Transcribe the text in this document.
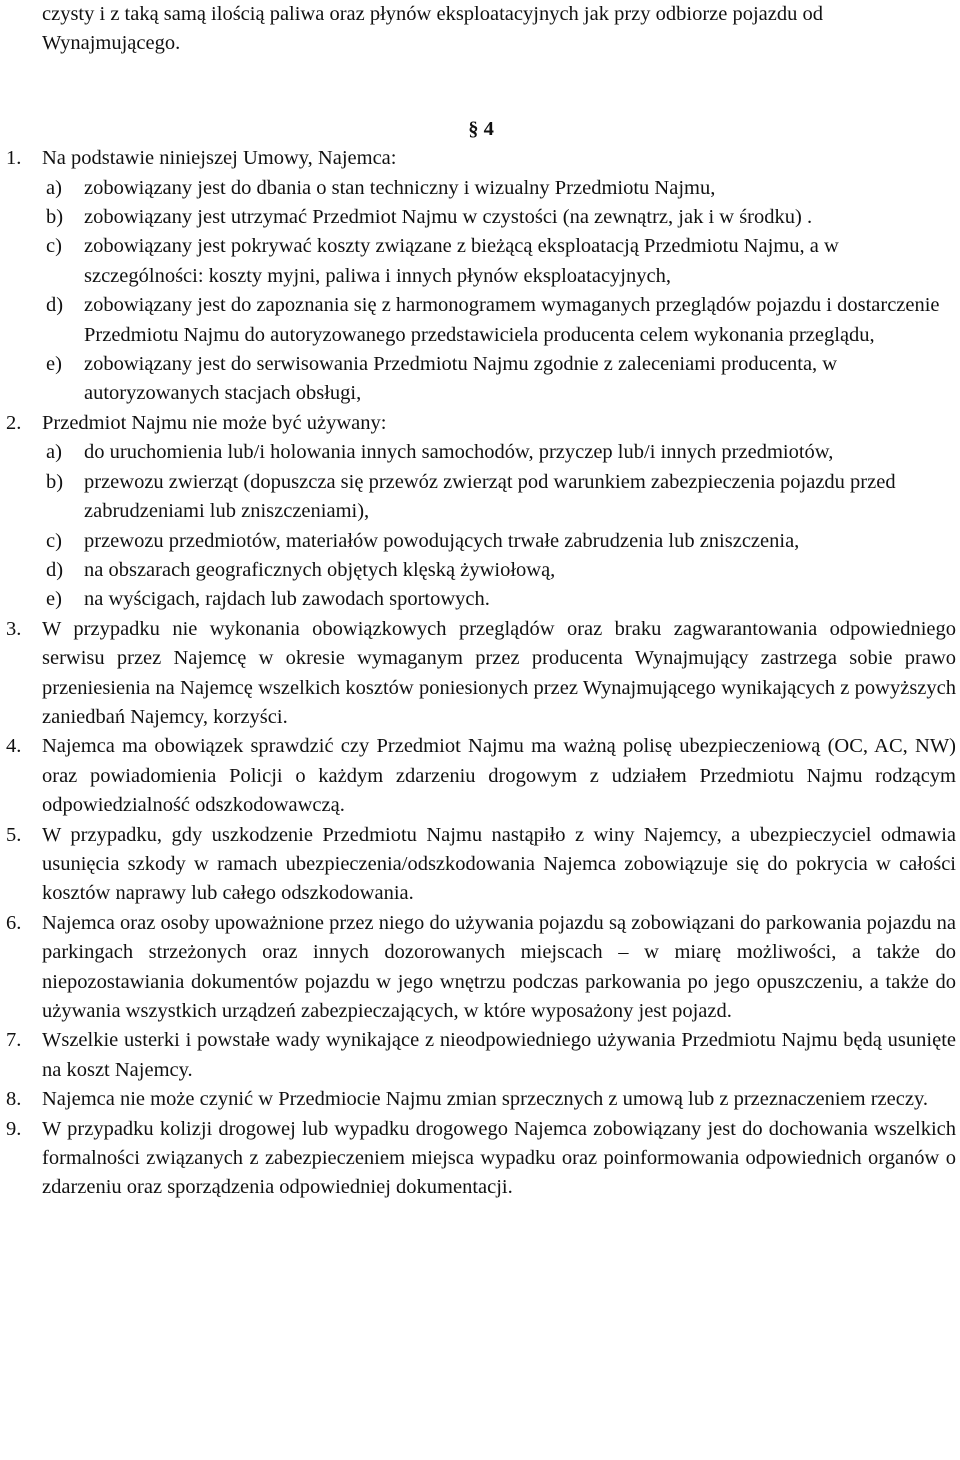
czysty i z taką samą ilością paliwa oraz płynów eksploatacyjnych jak przy odbiorze pojazdu od Wynajmującego.

§ 4

1.	Na podstawie niniejszej Umowy, Najemca:
a)	zobowiązany jest do dbania o stan techniczny i wizualny Przedmiotu Najmu,
b)	zobowiązany jest utrzymać Przedmiot Najmu w czystości (na zewnątrz, jak i w środku) .
c)	zobowiązany jest pokrywać koszty związane z bieżącą eksploatacją Przedmiotu Najmu, a w szczególności: koszty myjni, paliwa i innych płynów eksploatacyjnych,
d)	zobowiązany jest do zapoznania się z harmonogramem wymaganych przeglądów pojazdu i dostarczenie Przedmiotu Najmu do autoryzowanego przedstawiciela producenta celem wykonania przeglądu,
e)	zobowiązany jest do serwisowania Przedmiotu Najmu zgodnie z zaleceniami producenta, w autoryzowanych stacjach obsługi,
2.	Przedmiot Najmu nie może być używany:
a)	do uruchomienia lub/i holowania innych samochodów, przyczep lub/i innych przedmiotów,
b)	przewozu zwierząt (dopuszcza się przewóz zwierząt pod warunkiem zabezpieczenia pojazdu przed zabrudzeniami lub zniszczeniami),
c)	przewozu przedmiotów, materiałów powodujących trwałe zabrudzenia lub zniszczenia,
d)	na obszarach geograficznych objętych klęską żywiołową,
e)	na wyścigach, rajdach lub zawodach sportowych.
3.	W przypadku nie wykonania obowiązkowych przeglądów oraz braku zagwarantowania odpowiedniego serwisu przez Najemcę w okresie wymaganym przez producenta Wynajmujący zastrzega sobie prawo przeniesienia na Najemcę wszelkich kosztów poniesionych przez Wynajmującego wynikających z powyższych zaniedbań Najemcy, korzyści.
4.	Najemca ma obowiązek sprawdzić czy Przedmiot Najmu ma ważną polisę ubezpieczeniową (OC, AC, NW) oraz powiadomienia Policji o każdym zdarzeniu drogowym z udziałem Przedmiotu Najmu rodzącym odpowiedzialność odszkodowawczą.
5.	W przypadku, gdy uszkodzenie Przedmiotu Najmu nastąpiło z winy Najemcy, a ubezpieczyciel odmawia usunięcia szkody w ramach ubezpieczenia/odszkodowania Najemca zobowiązuje się do pokrycia w całości kosztów naprawy lub całego odszkodowania.
6.	Najemca oraz osoby upoważnione przez niego do używania pojazdu są zobowiązani do parkowania pojazdu na parkingach strzeżonych oraz innych dozorowanych miejscach – w miarę możliwości, a także do niepozostawiania dokumentów pojazdu w jego wnętrzu podczas parkowania po jego opuszczeniu, a także do używania wszystkich urządzeń zabezpieczających, w które wyposażony jest pojazd.
7.	Wszelkie usterki i powstałe wady wynikające z nieodpowiedniego używania Przedmiotu Najmu będą usunięte na koszt Najemcy.
8.	Najemca nie może czynić w Przedmiocie Najmu zmian sprzecznych z umową lub z przeznaczeniem rzeczy.
9.	W przypadku kolizji drogowej lub wypadku drogowego Najemca zobowiązany jest do dochowania wszelkich formalności związanych z zabezpieczeniem miejsca wypadku oraz poinformowania odpowiednich organów o zdarzeniu oraz sporządzenia odpowiedniej dokumentacji.
